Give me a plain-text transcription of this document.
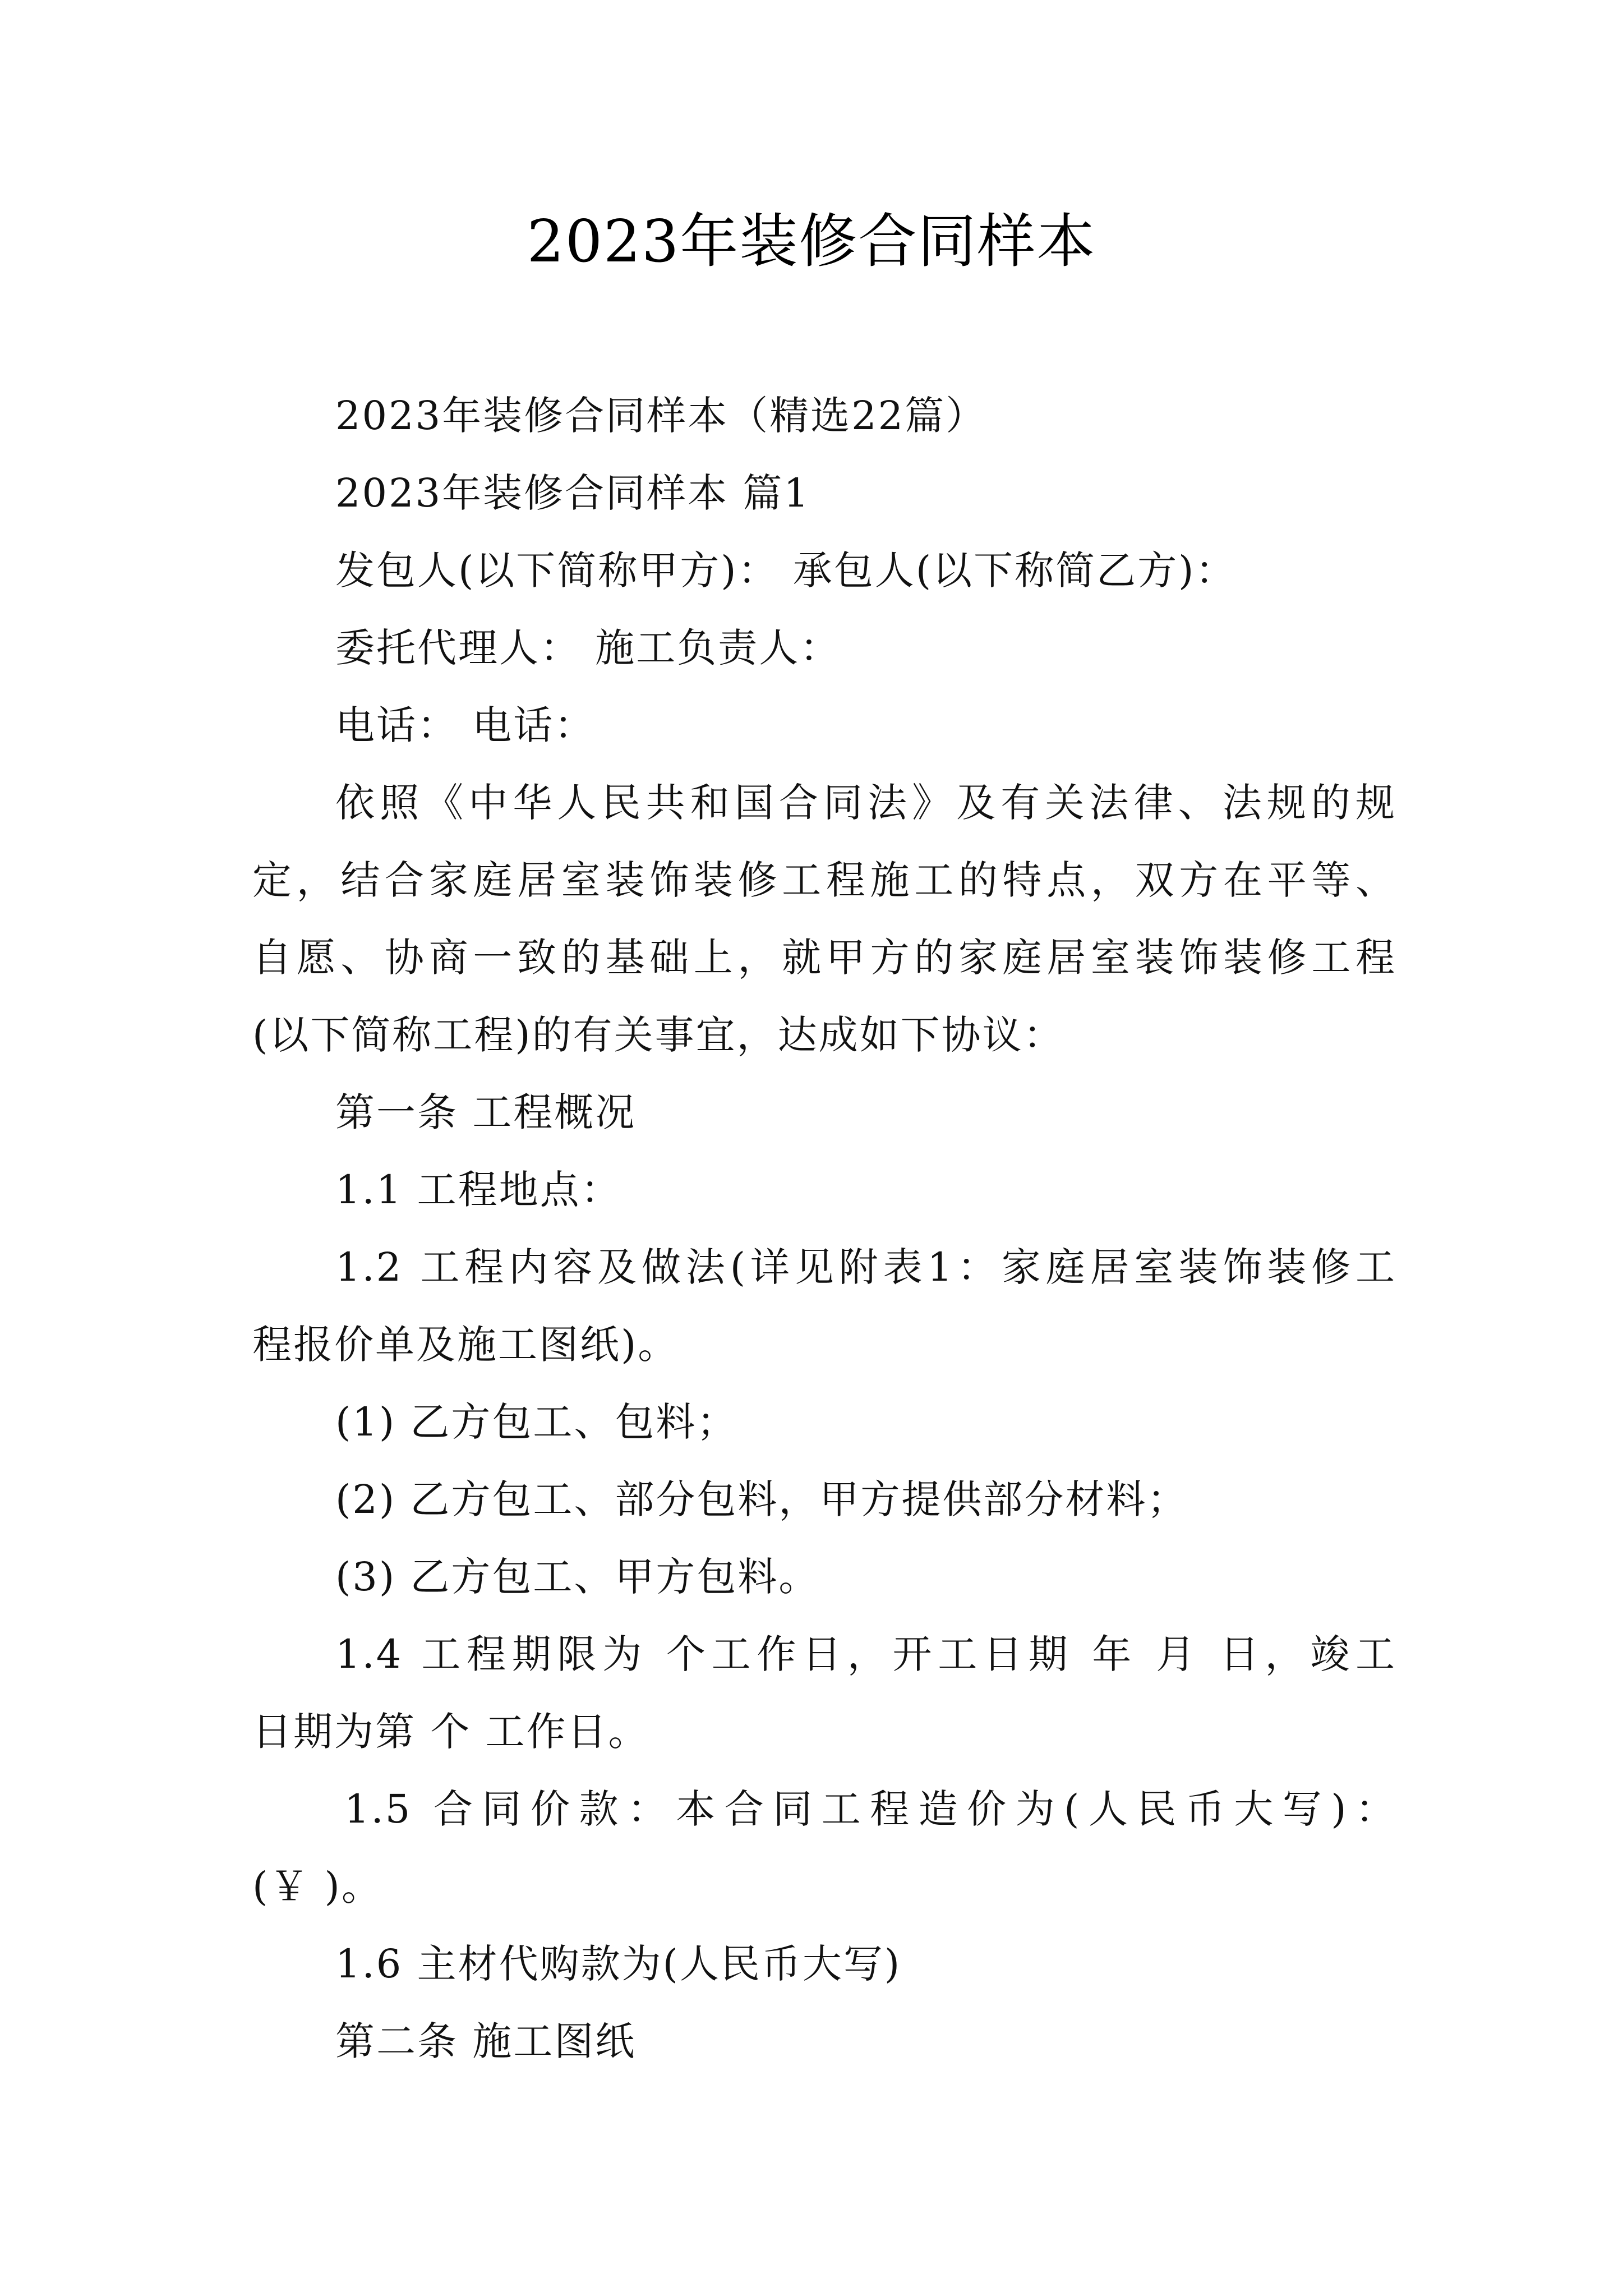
2023年装修合同样本
2023年装修合同样本（精选22篇）
2023年装修合同样本 篇1
发包人(以下简称甲方)： 承包人(以下称简乙方)：
委托代理人： 施工负责人：
电话： 电话：
依照《中华人民共和国合同法》及有关法律、法规的规
定，结合家庭居室装饰装修工程施工的特点，双方在平等、
自愿、协商一致的基础上，就甲方的家庭居室装饰装修工程
(以下简称工程)的有关事宜，达成如下协议：
第一条 工程概况
1.1 工程地点：
1.2 工程内容及做法(详见附表1：家庭居室装饰装修工
程报价单及施工图纸)。
(1) 乙方包工、包料；
(2) 乙方包工、部分包料，甲方提供部分材料；
(3) 乙方包工、甲方包料。
1.4 工程期限为 个工作日，开工日期 年 月 日，竣工
日期为第 个 工作日。
1.5 合同价款：本合同工程造价为(人民币大写)：
(￥ )。
1.6 主材代购款为(人民币大写)
第二条 施工图纸
